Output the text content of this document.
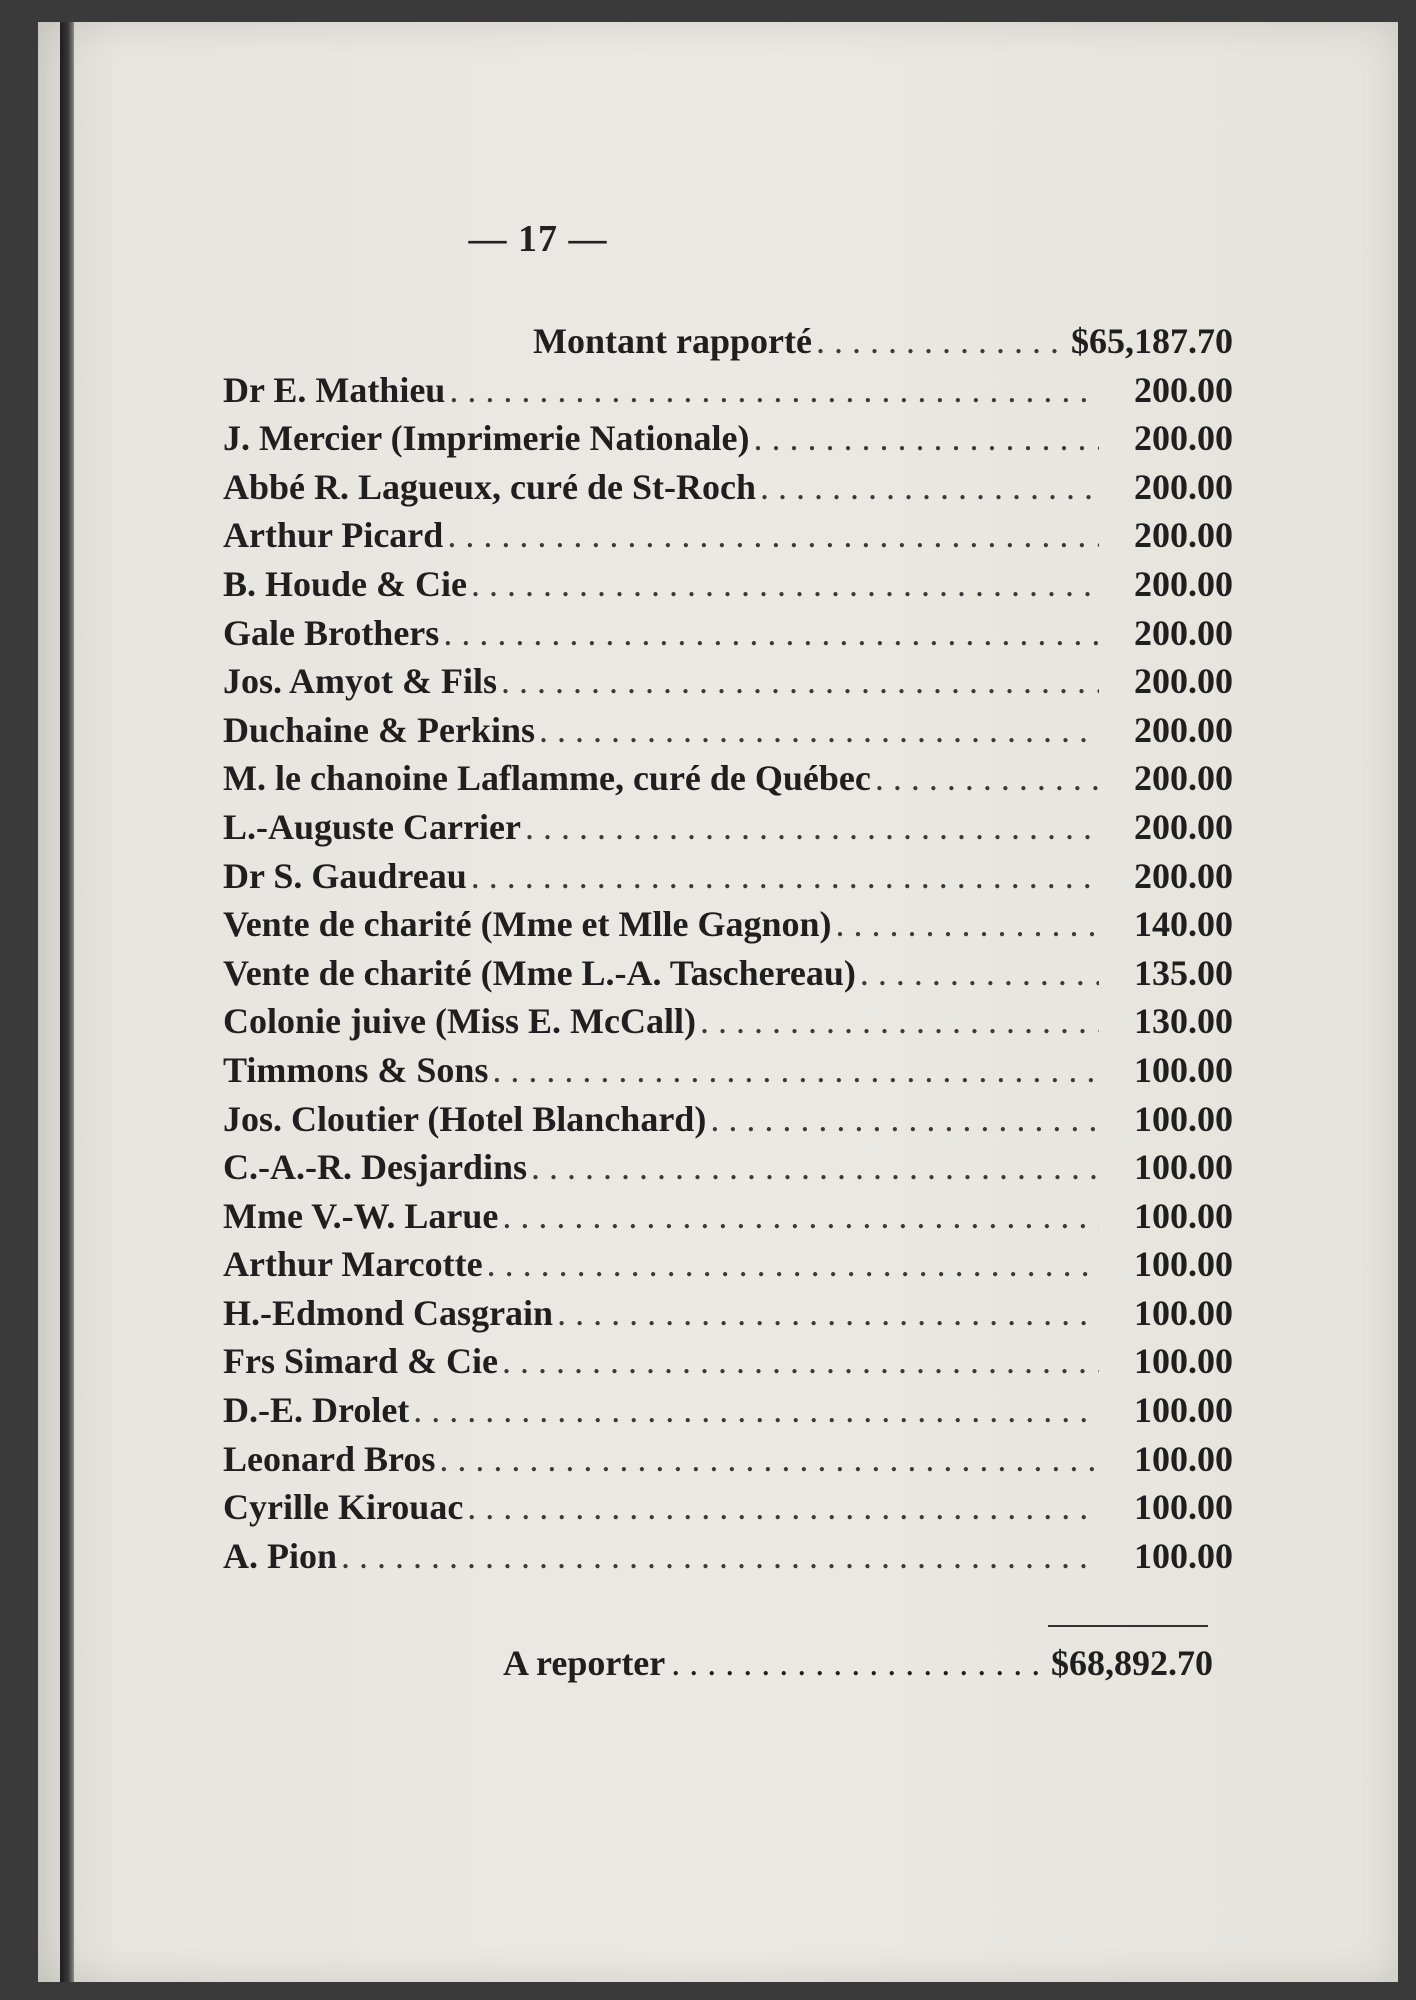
— 17 —
Montant rapporté . . .	$65,187.70
Dr E. Mathieu . . .	200.00
J. Mercier (Imprimerie Nationale) . . .	200.00
Abbé R. Lagueux, curé de St-Roch . . .	200.00
Arthur Picard . . .	200.00
B. Houde & Cie . . .	200.00
Gale Brothers . . .	200.00
Jos. Amyot & Fils . . .	200.00
Duchaine & Perkins . . .	200.00
M. le chanoine Laflamme, curé de Québec . . .	200.00
L.-Auguste Carrier . . .	200.00
Dr S. Gaudreau . . .	200.00
Vente de charité (Mme et Mlle Gagnon) . . .	140.00
Vente de charité (Mme L.-A. Taschereau) . . .	135.00
Colonie juive (Miss E. McCall) . . .	130.00
Timmons & Sons . . .	100.00
Jos. Cloutier (Hotel Blanchard) . . .	100.00
C.-A.-R. Desjardins . . .	100.00
Mme V.-W. Larue . . .	100.00
Arthur Marcotte . . .	100.00
H.-Edmond Casgrain . . .	100.00
Frs Simard & Cie . . .	100.00
D.-E. Drolet . . .	100.00
Leonard Bros . . .	100.00
Cyrille Kirouac . . .	100.00
A. Pion . . .	100.00
A reporter . . .	$68,892.70
